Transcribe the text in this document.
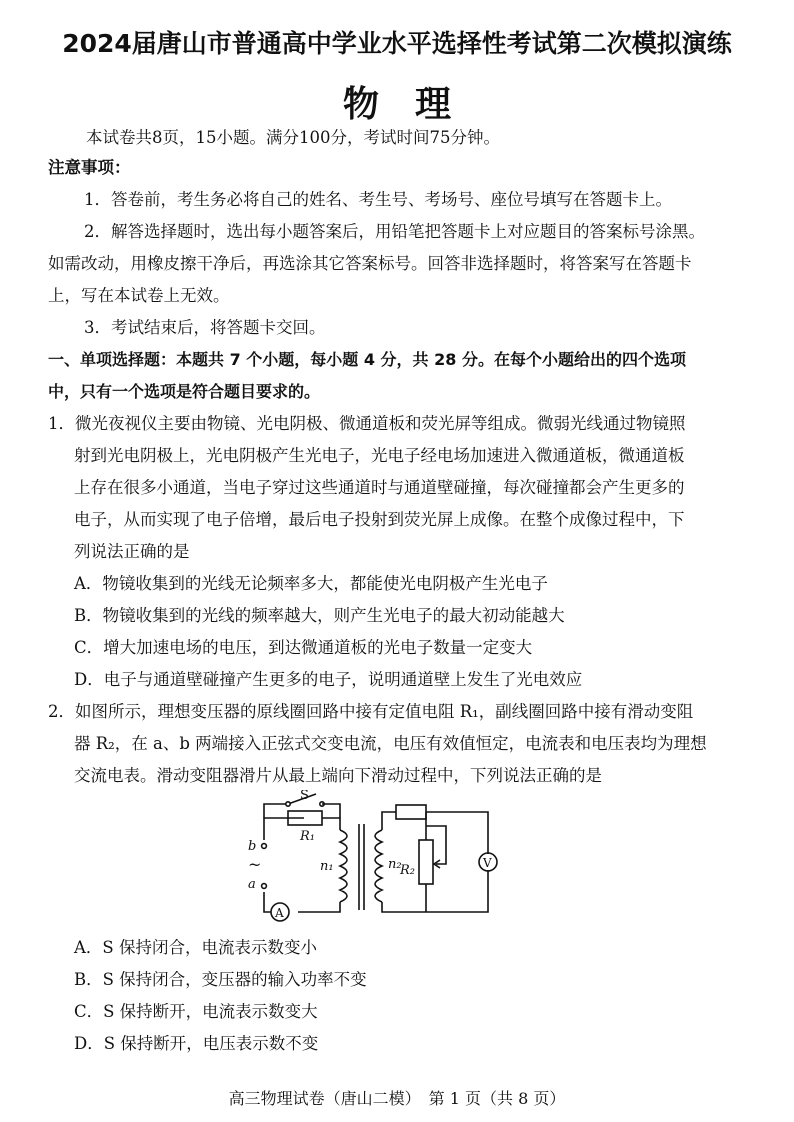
2024届唐山市普通高中学业水平选择性考试第二次模拟演练
物　理
本试卷共8页，15小题。满分100分，考试时间75分钟。
注意事项：
1．答卷前，考生务必将自己的姓名、考生号、考场号、座位号填写在答题卡上。
2．解答选择题时，选出每小题答案后，用铅笔把答题卡上对应题目的答案标号涂黑。
如需改动，用橡皮擦干净后，再选涂其它答案标号。回答非选择题时，将答案写在答题卡
上，写在本试卷上无效。
3．考试结束后，将答题卡交回。
一、单项选择题：本题共 7 个小题，每小题 4 分，共 28 分。在每个小题给出的四个选项
中，只有一个选项是符合题目要求的。
1．微光夜视仪主要由物镜、光电阴极、微通道板和荧光屏等组成。微弱光线通过物镜照
射到光电阴极上，光电阴极产生光电子，光电子经电场加速进入微通道板，微通道板
上存在很多小通道，当电子穿过这些通道时与通道壁碰撞，每次碰撞都会产生更多的
电子，从而实现了电子倍增，最后电子投射到荧光屏上成像。在整个成像过程中，下
列说法正确的是
A．物镜收集到的光线无论频率多大，都能使光电阴极产生光电子
B．物镜收集到的光线的频率越大，则产生光电子的最大初动能越大
C．增大加速电场的电压，到达微通道板的光电子数量一定变大
D．电子与通道壁碰撞产生更多的电子，说明通道壁上发生了光电效应
2．如图所示，理想变压器的原线圈回路中接有定值电阻 R₁，副线圈回路中接有滑动变阻
器 R₂，在 a、b 两端接入正弦式交变电流，电压有效值恒定，电流表和电压表均为理想
交流电表。滑动变阻器滑片从最上端向下滑动过程中，下列说法正确的是
S
R₁
b
~
a
n₁	n₂
R₂
A
V
A．S 保持闭合，电流表示数变小
B．S 保持闭合，变压器的输入功率不变
C．S 保持断开，电流表示数变大
D．S 保持断开，电压表示数不变
高三物理试卷（唐山二模）　第 1 页（共 8 页）
